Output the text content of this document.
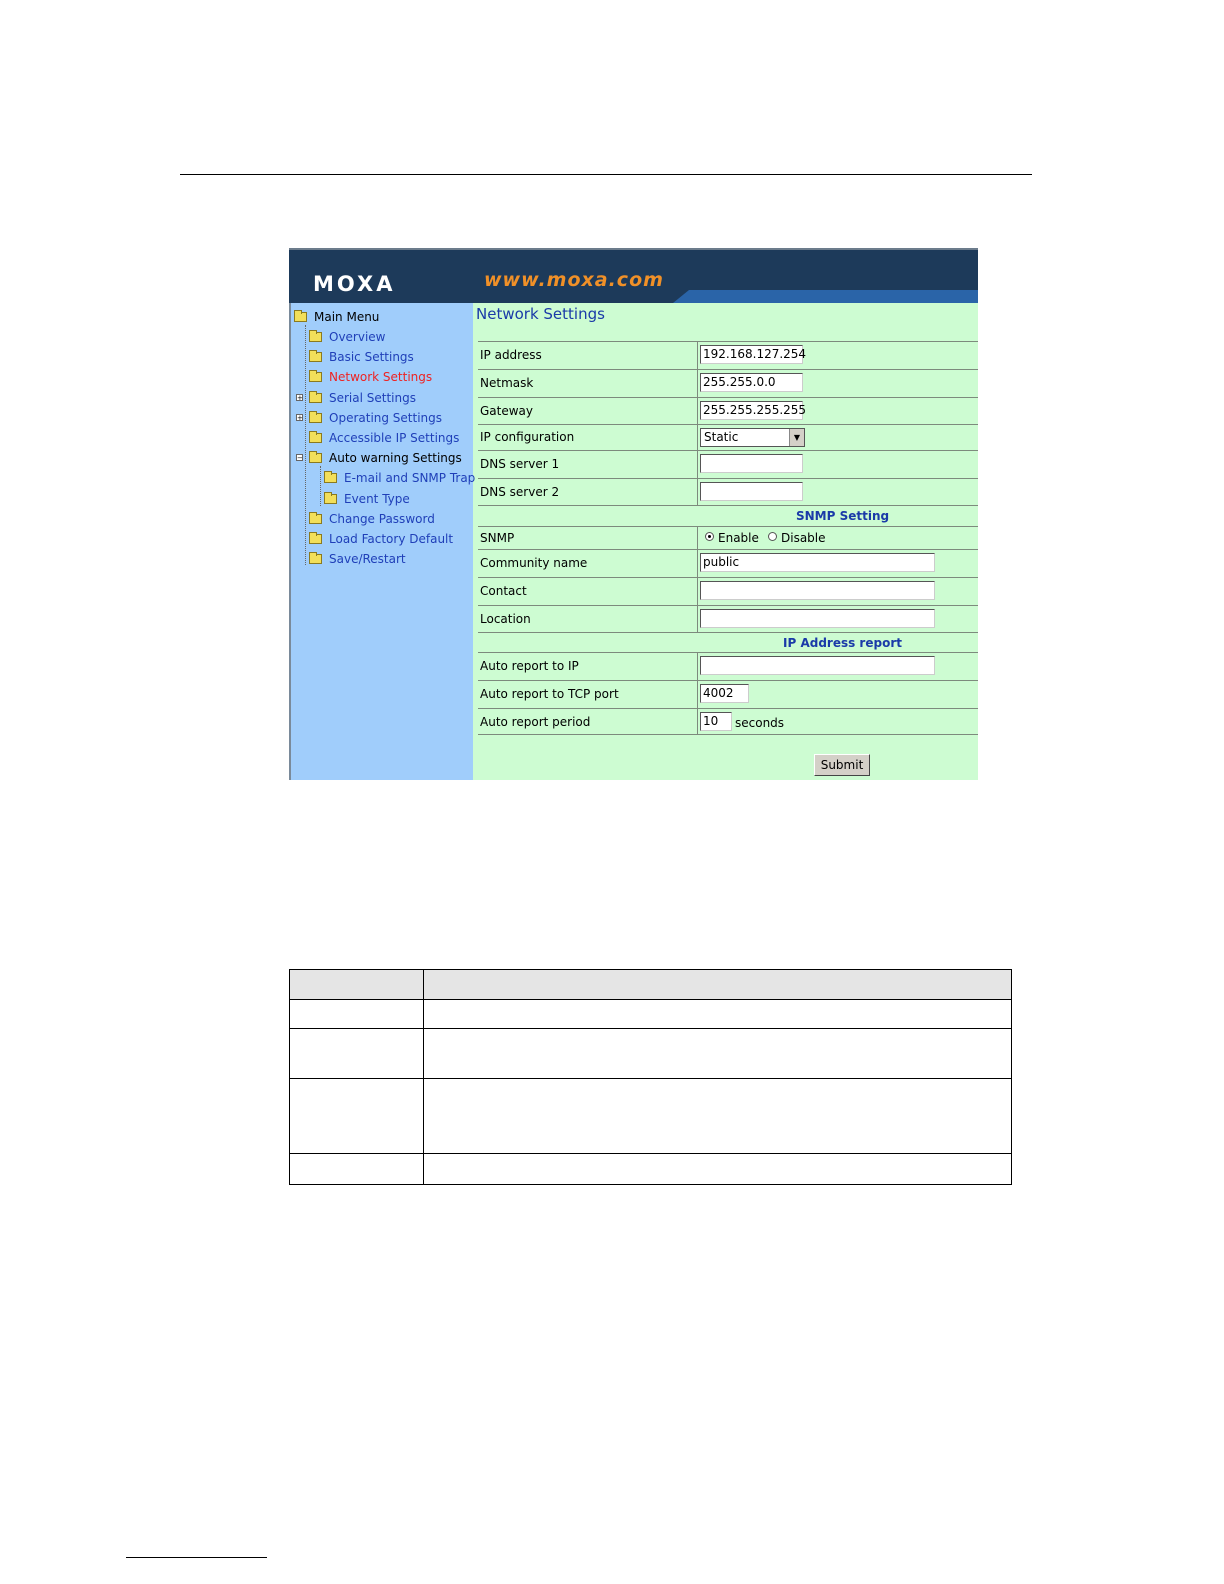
MOXA	www.moxa.com
Main Menu
Overview
Basic Settings
Network Settings
+ Serial Settings
+ Operating Settings
Accessible IP Settings
− Auto warning Settings
E-mail and SNMP Trap
Event Type
Change Password
Load Factory Default
Save/Restart
Network Settings
IP address	192.168.127.254
Netmask	255.255.0.0
Gateway	255.255.255.255
IP configuration	Static	▼
DNS server 1
DNS server 2
SNMP Setting
SNMP	Enable Disable
Community name	public
Contact
Location
IP Address report
Auto report to IP
Auto report to TCP port	4002
Auto report period	10	seconds
Submit
